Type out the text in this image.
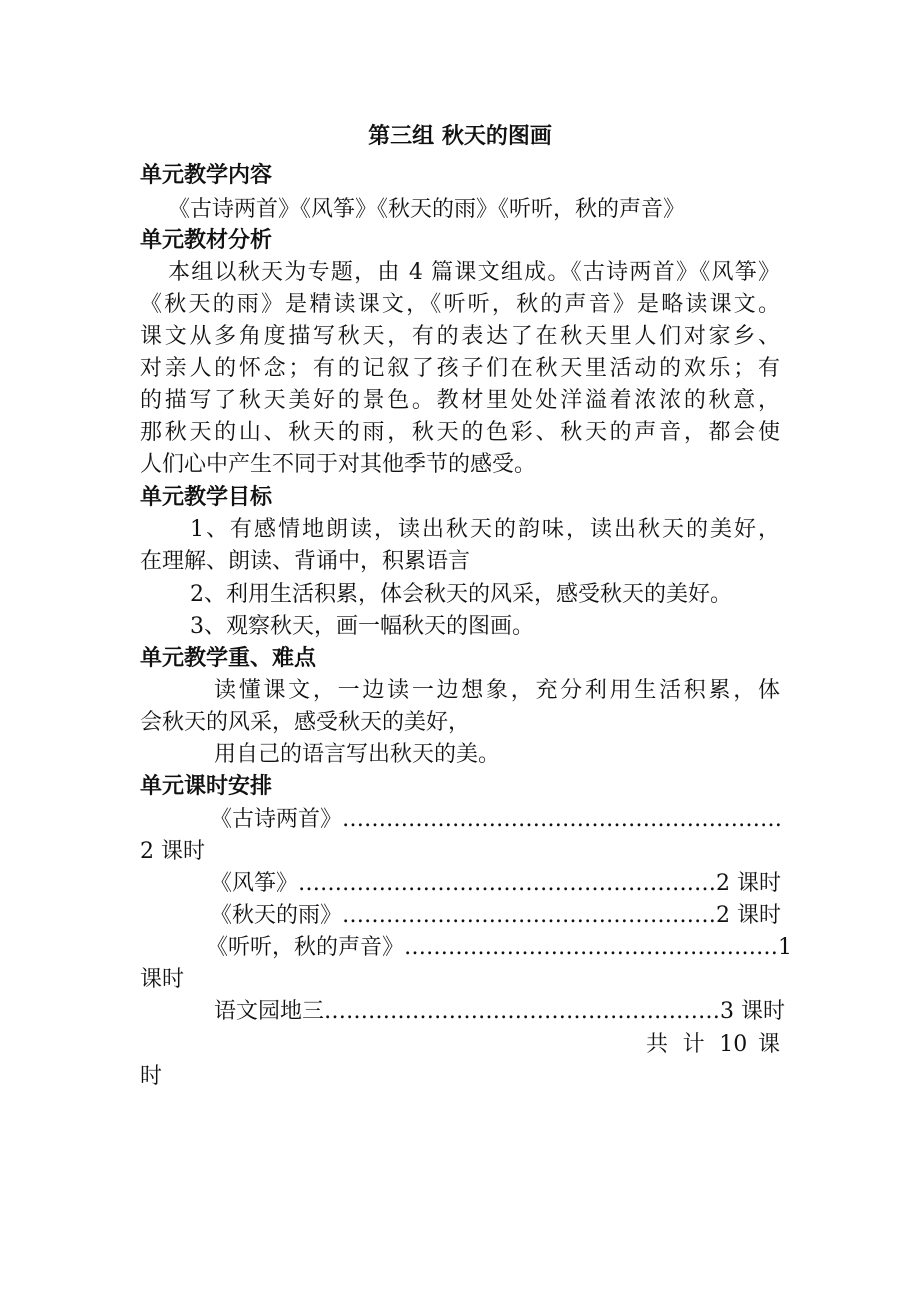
第三组 秋天的图画
单元教学内容
《古诗两首》《风筝》《秋天的雨》《听听，秋的声音》
单元教材分析
本组以秋天为专题，由 4 篇课文组成。《古诗两首》《风筝》
《秋天的雨》是精读课文，《听听，秋的声音》是略读课文。
课文从多角度描写秋天，有的表达了在秋天里人们对家乡、
对亲人的怀念；有的记叙了孩子们在秋天里活动的欢乐；有
的描写了秋天美好的景色。教材里处处洋溢着浓浓的秋意，
那秋天的山、秋天的雨，秋天的色彩、秋天的声音，都会使
人们心中产生不同于对其他季节的感受。
单元教学目标
1、有感情地朗读，读出秋天的韵味，读出秋天的美好，
在理解、朗读、背诵中，积累语言
2、利用生活积累，体会秋天的风采，感受秋天的美好。
3、观察秋天，画一幅秋天的图画。
单元教学重、难点
读懂课文，一边读一边想象，充分利用生活积累，体
会秋天的风采，感受秋天的美好，
用自己的语言写出秋天的美。
单元课时安排
《古诗两首》……………………………………………………
2 课时
《风筝》…………………………………………………2 课时
《秋天的雨》……………………………………………2 课时
《听听，秋的声音》……………………………………………1
课时
语文园地三………………………………………………3 课时
共 计 10 课
时
